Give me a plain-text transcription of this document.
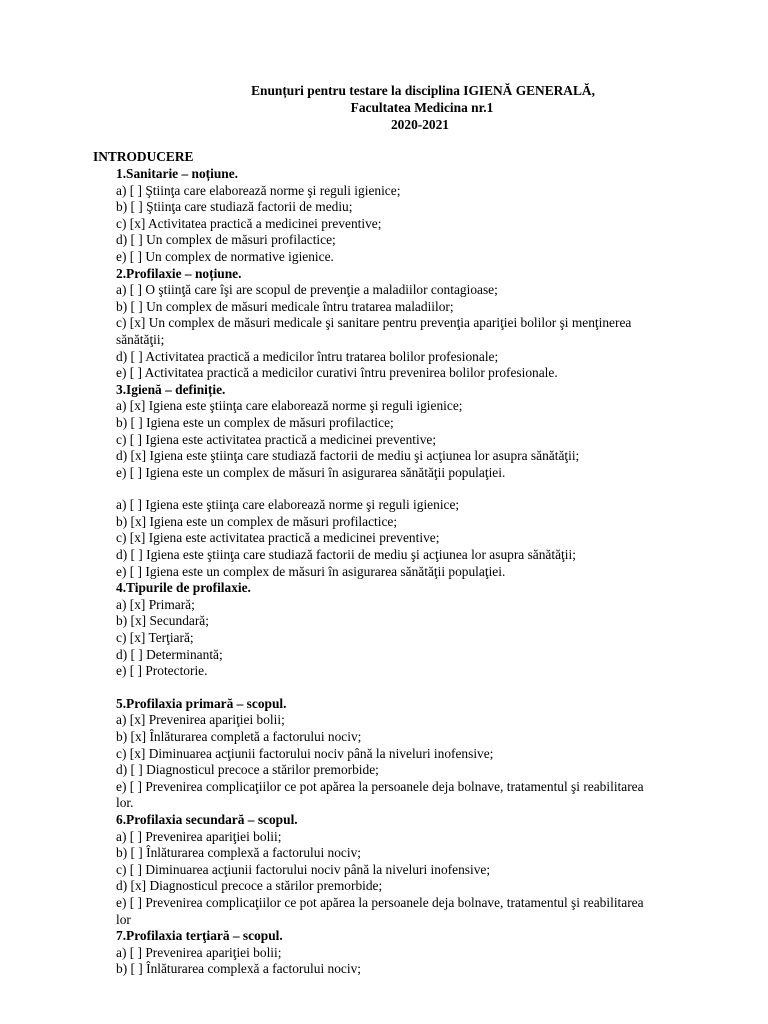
Enunțuri pentru testare la disciplina IGIENĂ GENERALĂ,
Facultatea Medicina nr.1
2020-2021
INTRODUCERE
1.Sanitarie – noțiune.
a) [ ] Ştiinţa care elaborează norme şi reguli igienice;
b) [ ] Ştiinţa care studiază factorii de mediu;
c) [x] Activitatea practică a medicinei preventive;
d) [ ] Un complex de măsuri profilactice;
e) [ ] Un complex de normative igienice.
2.Profilaxie – noțiune.
a) [ ] O ştiinţă care îşi are scopul de prevenţie a maladiilor contagioase;
b) [ ] Un complex de măsuri medicale întru tratarea maladiilor;
c) [x] Un complex de măsuri medicale şi sanitare pentru prevenţia apariţiei bolilor şi menţinerea sănătăţii;
d) [ ] Activitatea practică a medicilor întru tratarea bolilor profesionale;
e) [ ] Activitatea practică a medicilor curativi întru prevenirea bolilor profesionale.
3.Igienă – definiție.
a) [x] Igiena este ştiinţa care elaborează norme şi reguli igienice;
b) [ ] Igiena este un complex de măsuri profilactice;
c) [ ] Igiena este activitatea practică a medicinei preventive;
d) [x] Igiena este ştiinţa care studiază factorii de mediu şi acţiunea lor asupra sănătăţii;
e) [ ] Igiena este un complex de măsuri în asigurarea sănătăţii populaţiei.
a) [ ] Igiena este ştiinţa care elaborează norme şi reguli igienice;
b) [x] Igiena este un complex de măsuri profilactice;
c) [x] Igiena este activitatea practică a medicinei preventive;
d) [ ] Igiena este ştiinţa care studiază factorii de mediu şi acţiunea lor asupra sănătăţii;
e) [ ] Igiena este un complex de măsuri în asigurarea sănătăţii populaţiei.
4.Tipurile de profilaxie.
a) [x] Primară;
b) [x] Secundară;
c) [x] Terţiară;
d) [ ] Determinantă;
e) [ ] Protectorie.
5.Profilaxia primară – scopul.
a) [x] Prevenirea apariţiei bolii;
b) [x] Înlăturarea completă a factorului nociv;
c) [x] Diminuarea acţiunii factorului nociv până la niveluri inofensive;
d) [ ] Diagnosticul precoce a stărilor premorbide;
e) [ ] Prevenirea complicaţiilor ce pot apărea la persoanele deja bolnave, tratamentul şi reabilitarea lor.
6.Profilaxia secundară – scopul.
a) [ ] Prevenirea apariţiei bolii;
b) [ ] Înlăturarea complexă a factorului nociv;
c) [ ] Diminuarea acţiunii factorului nociv până la niveluri inofensive;
d) [x] Diagnosticul precoce a stărilor premorbide;
e) [ ] Prevenirea complicaţiilor ce pot apărea la persoanele deja bolnave, tratamentul şi reabilitarea lor
7.Profilaxia terţiară – scopul.
a) [ ] Prevenirea apariţiei bolii;
b) [ ] Înlăturarea complexă a factorului nociv;
